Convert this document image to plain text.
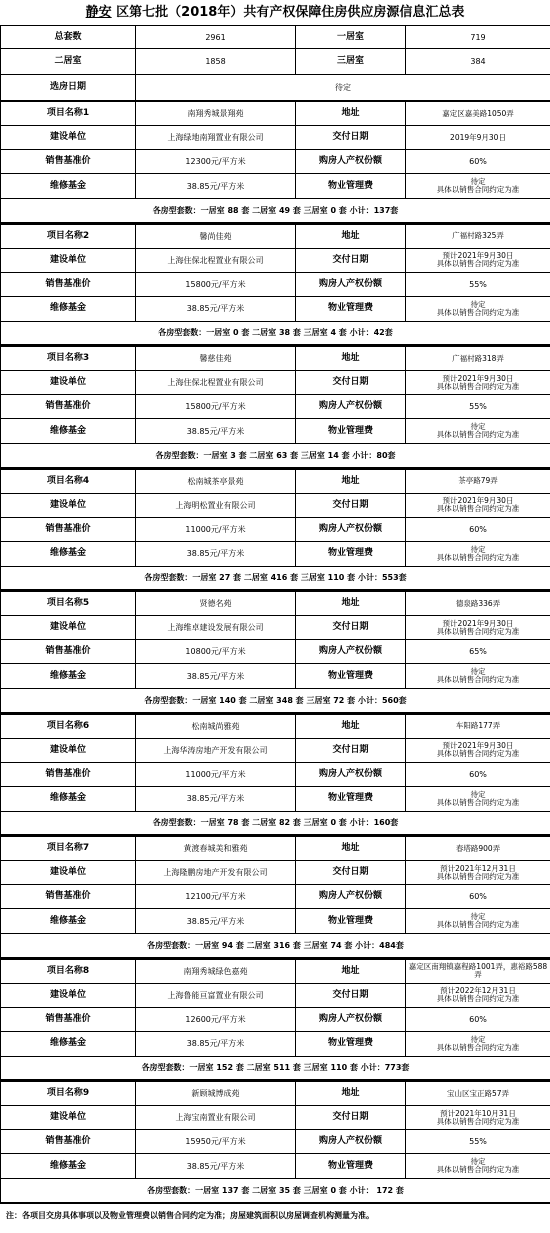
静安 区第七批（2018年）共有产权保障住房供应房源信息汇总表
总套数	2961	一居室	719
二居室	1858	三居室	384
选房日期	待定		
项目名称1	南翔秀城景翔苑	地址	嘉定区嘉美路1050弄
建设单位	上海绿地南翔置业有限公司	交付日期	2019年9月30日

销售基准价	12300元/平方米	购房人产权份额	60%
维修基金	38.85元/平方米	物业管理费	待定
具体以销售合同约定为准

各房型套数：一居室 88 套 二居室 49 套 三居室 0 套 小计：137套			
项目名称2	馨尚佳苑	地址	广福村路325弄
建设单位	上海住保北程置业有限公司	交付日期	预计2021年9月30日
具体以销售合同约定为准

销售基准价	15800元/平方米	购房人产权份额	55%
维修基金	38.85元/平方米	物业管理费	待定
具体以销售合同约定为准

各房型套数：一居室 0 套 二居室 38 套 三居室 4 套 小计：42套			
项目名称3	馨慈佳苑	地址	广福村路318弄
建设单位	上海住保北程置业有限公司	交付日期	预计2021年9月30日
具体以销售合同约定为准

销售基准价	15800元/平方米	购房人产权份额	55%
维修基金	38.85元/平方米	物业管理费	待定
具体以销售合同约定为准

各房型套数：一居室 3 套 二居室 63 套 三居室 14 套 小计：80套			
项目名称4	松南城茶亭景苑	地址	茶亭路79弄
建设单位	上海明松置业有限公司	交付日期	预计2021年9月30日
具体以销售合同约定为准

销售基准价	11000元/平方米	购房人产权份额	60%
维修基金	38.85元/平方米	物业管理费	待定
具体以销售合同约定为准

各房型套数：一居室 27 套 二居室 416 套 三居室 110 套 小计：553套			
项目名称5	贤德名苑	地址	德泉路336弄
建设单位	上海维卓建设发展有限公司	交付日期	预计2021年9月30日
具体以销售合同约定为准

销售基准价	10800元/平方米	购房人产权份额	65%
维修基金	38.85元/平方米	物业管理费	待定
具体以销售合同约定为准

各房型套数：一居室 140 套 二居室 348 套 三居室 72 套 小计：560套			
项目名称6	松南城尚雅苑	地址	车阳路177弄
建设单位	上海华涛房地产开发有限公司	交付日期	预计2021年9月30日
具体以销售合同约定为准

销售基准价	11000元/平方米	购房人产权份额	60%
维修基金	38.85元/平方米	物业管理费	待定
具体以销售合同约定为准

各房型套数：一居室 78 套 二居室 82 套 三居室 0 套 小计：160套			
项目名称7	黄渡春城美和雅苑	地址	春塔路900弄
建设单位	上海隆鹏房地产开发有限公司	交付日期	预计2021年12月31日
具体以销售合同约定为准

销售基准价	12100元/平方米	购房人产权份额	60%
维修基金	38.85元/平方米	物业管理费	待定
具体以销售合同约定为准

各房型套数：一居室 94 套 二居室 316 套 三居室 74 套 小计：484套			
项目名称8	南翔秀城绿色嘉苑	地址	嘉定区南翔镇嘉程路1001弄，惠裕路588弄
建设单位	上海鲁能亘富置业有限公司	交付日期	预计2022年12月31日
具体以销售合同约定为准

销售基准价	12600元/平方米	购房人产权份额	60%
维修基金	38.85元/平方米	物业管理费	待定
具体以销售合同约定为准

各房型套数：一居室 152 套 二居室 511 套 三居室 110 套 小计：773套			
项目名称9	新顾城博成苑	地址	宝山区宝正路57弄
建设单位	上海宝南置业有限公司	交付日期	预计2021年10月31日
具体以销售合同约定为准

销售基准价	15950元/平方米	购房人产权份额	55%
维修基金	38.85元/平方米	物业管理费	待定
具体以销售合同约定为准

各房型套数：一居室 137 套 二居室 35 套 三居室 0 套 小计： 172 套			
注：各项目交房具体事项以及物业管理费以销售合同约定为准；房屋建筑面积以房屋调查机构测量为准。
